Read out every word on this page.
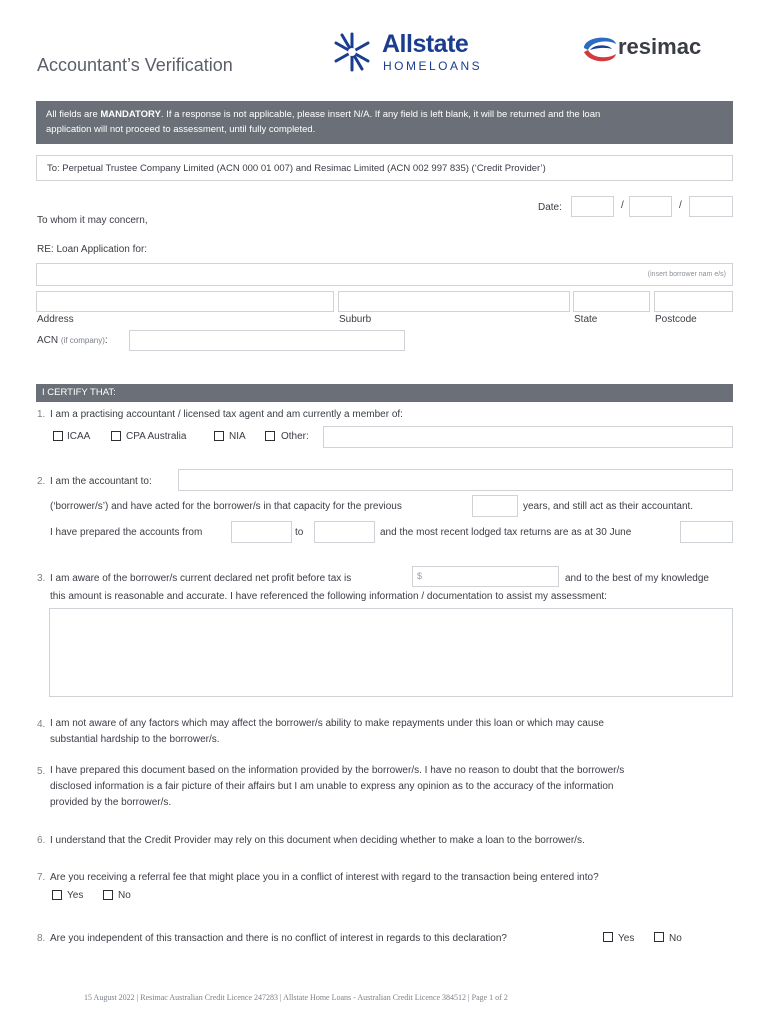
Accountant’s Verification
Allstate
HOMELOANS
resimac
All fields are MANDATORY. If a response is not applicable, please insert N/A. If any field is left blank, it will be returned and the loan
application will not proceed to assessment, until fully completed.
To: Perpetual Trustee Company Limited (ACN 000 01 007) and Resimac Limited (ACN 002 997 835) (‘Credit Provider’)
Date:	/	/
To whom it may concern,
RE: Loan Application for:
(insert borrower nam e/s)
Address	Suburb	State	Postcode
ACN (if company):
I CERTIFY THAT:
1. I am a practising accountant / licensed tax agent and am currently a member of:
ICAA	CPA Australia	NIA	Other:
2. I am the accountant to:
(‘borrower/s’) and have acted for the borrower/s in that capacity for the previous	years, and still act as their accountant.
I have prepared the accounts from	to	and the most recent lodged tax returns are as at 30 June
3. I am aware of the borrower/s current declared net profit before tax is	$	and to the best of my knowledge
this amount is reasonable and accurate. I have referenced the following information / documentation to assist my assessment:
4. I am not aware of any factors which may affect the borrower/s ability to make repayments under this loan or which may cause
substantial hardship to the borrower/s.
5. I have prepared this document based on the information provided by the borrower/s. I have no reason to doubt that the borrower/s
disclosed information is a fair picture of their affairs but I am unable to express any opinion as to the accuracy of the information
provided by the borrower/s.
6. I understand that the Credit Provider may rely on this document when deciding whether to make a loan to the borrower/s.
7. Are you receiving a referral fee that might place you in a conflict of interest with regard to the transaction being entered into?
Yes	No
8. Are you independent of this transaction and there is no conflict of interest in regards to this declaration?	Yes	No
15 August 2022 | Resimac Australian Credit Licence 247283 | Allstate Home Loans - Australian Credit Licence 384512 | Page 1 of 2
